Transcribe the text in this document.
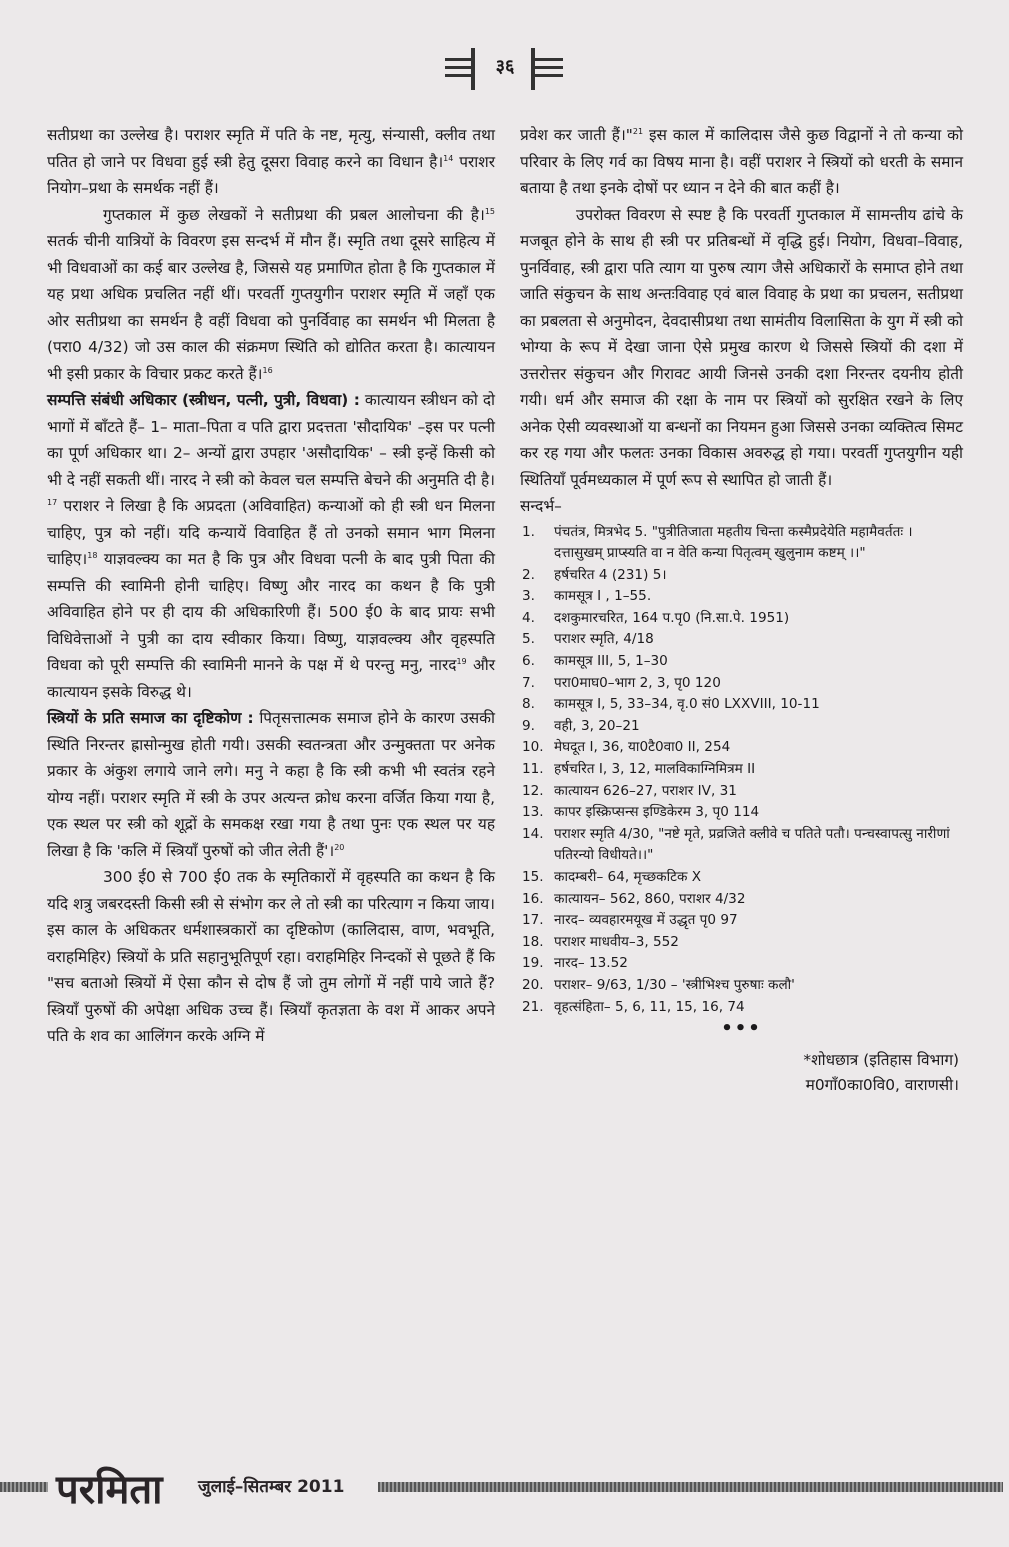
३६

सतीप्रथा का उल्लेख है। पराशर स्मृति में पति के नष्ट, मृत्यु, संन्यासी, क्लीव तथा पतित हो जाने पर विधवा हुई स्त्री हेतु दूसरा विवाह करने का विधान है।$^{14}$ पराशर नियोग–प्रथा के समर्थक नहीं हैं।

गुप्तकाल में कुछ लेखकों ने सतीप्रथा की प्रबल आलोचना की है।$^{15}$ सतर्क चीनी यात्रियों के विवरण इस सन्दर्भ में मौन हैं। स्मृति तथा दूसरे साहित्य में भी विधवाओं का कई बार उल्लेख है, जिससे यह प्रमाणित होता है कि गुप्तकाल में यह प्रथा अधिक प्रचलित नहीं थीं। परवर्ती गुप्तयुगीन पराशर स्मृति में जहाँ एक ओर सतीप्रथा का समर्थन है वहीं विधवा को पुनर्विवाह का समर्थन भी मिलता है (परा0 4/32) जो उस काल की संक्रमण स्थिति को द्योतित करता है। कात्यायन भी इसी प्रकार के विचार प्रकट करते हैं।$^{16}$

सम्पत्ति संबंधी अधिकार (स्त्रीधन, पत्नी, पुत्री, विधवा) : कात्यायन स्त्रीधन को दो भागों में बाँटते हैं– 1– माता–पिता व पति द्वारा प्रदत्तता 'सौदायिक' –इस पर पत्नी का पूर्ण अधिकार था। 2– अन्यों द्वारा उपहार 'असौदायिक' – स्त्री इन्हें किसी को भी दे नहीं सकती थीं। नारद ने स्त्री को केवल चल सम्पत्ति बेचने की अनुमति दी है।$^{17}$ पराशर ने लिखा है कि अप्रदता (अविवाहित) कन्याओं को ही स्त्री धन मिलना चाहिए, पुत्र को नहीं। यदि कन्यायें विवाहित हैं तो उनको समान भाग मिलना चाहिए।$^{18}$ याज्ञवल्क्य का मत है कि पुत्र और विधवा पत्नी के बाद पुत्री पिता की सम्पत्ति की स्वामिनी होनी चाहिए। विष्णु और नारद का कथन है कि पुत्री अविवाहित होने पर ही दाय की अधिकारिणी हैं। 500 ई0 के बाद प्रायः सभी विधिवेत्ताओं ने पुत्री का दाय स्वीकार किया। विष्णु, याज्ञवल्क्य और वृहस्पति विधवा को पूरी सम्पत्ति की स्वामिनी मानने के पक्ष में थे परन्तु मनु, नारद$^{19}$ और कात्यायन इसके विरुद्ध थे।

स्त्रियों के प्रति समाज का दृष्टिकोण : पितृसत्तात्मक समाज होने के कारण उसकी स्थिति निरन्तर ह्रासोन्मुख होती गयी। उसकी स्वतन्त्रता और उन्मुक्तता पर अनेक प्रकार के अंकुश लगाये जाने लगे। मनु ने कहा है कि स्त्री कभी भी स्वतंत्र रहने योग्य नहीं। पराशर स्मृति में स्त्री के उपर अत्यन्त क्रोध करना वर्जित किया गया है, एक स्थल पर स्त्री को शूद्रों के समकक्ष रखा गया है तथा पुनः एक स्थल पर यह लिखा है कि 'कलि में स्त्रियाँ पुरुषों को जीत लेती हैं'।$^{20}$

300 ई0 से 700 ई0 तक के स्मृतिकारों में वृहस्पति का कथन है कि यदि शत्रु जबरदस्ती किसी स्त्री से संभोग कर ले तो स्त्री का परित्याग न किया जाय। इस काल के अधिकतर धर्मशास्त्रकारों का दृष्टिकोण (कालिदास, वाण, भवभूति, वराहमिहिर) स्त्रियों के प्रति सहानुभूतिपूर्ण रहा। वराहमिहिर निन्दकों से पूछते हैं कि "सच बताओ स्त्रियों में ऐसा कौन से दोष हैं जो तुम लोगों में नहीं पाये जाते हैं? स्त्रियाँ पुरुषों की अपेक्षा अधिक उच्च हैं। स्त्रियाँ कृतज्ञता के वश में आकर अपने पति के शव का आलिंगन करके अग्नि में

प्रवेश कर जाती हैं।"$^{21}$ इस काल में कालिदास जैसे कुछ विद्वानों ने तो कन्या को परिवार के लिए गर्व का विषय माना है। वहीं पराशर ने स्त्रियों को धरती के समान बताया है तथा इनके दोषों पर ध्यान न देने की बात कहीं है।

उपरोक्त विवरण से स्पष्ट है कि परवर्ती गुप्तकाल में सामन्तीय ढांचे के मजबूत होने के साथ ही स्त्री पर प्रतिबन्धों में वृद्धि हुई। नियोग, विधवा–विवाह, पुनर्विवाह, स्त्री द्वारा पति त्याग या पुरुष त्याग जैसे अधिकारों के समाप्त होने तथा जाति संकुचन के साथ अन्तःविवाह एवं बाल विवाह के प्रथा का प्रचलन, सतीप्रथा का प्रबलता से अनुमोदन, देवदासीप्रथा तथा सामंतीय विलासिता के युग में स्त्री को भोग्या के रूप में देखा जाना ऐसे प्रमुख कारण थे जिससे स्त्रियों की दशा में उत्तरोत्तर संकुचन और गिरावट आयी जिनसे उनकी दशा निरन्तर दयनीय होती गयी। धर्म और समाज की रक्षा के नाम पर स्त्रियों को सुरक्षित रखने के लिए अनेक ऐसी व्यवस्थाओं या बन्धनों का नियमन हुआ जिससे उनका व्यक्तित्व सिमट कर रह गया और फलतः उनका विकास अवरुद्ध हो गया। परवर्ती गुप्तयुगीन यही स्थितियाँ पूर्वमध्यकाल में पूर्ण रूप से स्थापित हो जाती हैं।

सन्दर्भ–

1.	पंचतंत्र, मित्रभेद 5. "पुत्रीतिजाता महतीय चिन्ता कस्मैप्रदेयेति महामैवर्ततः । दत्तासुखम् प्राप्स्यति वा न वेति कन्या पितृत्वम् खुलुनाम कष्टम् ।।"
2.	हर्षचरित 4 (231) 5।
3.	कामसूत्र I , 1–55.
4.	दशकुमारचरित, 164 प.पृ0 (नि.सा.पे. 1951)
5.	पराशर स्मृति, 4/18
6.	कामसूत्र III, 5, 1–30
7.	परा0माघ0–भाग 2, 3, पृ0 120
8.	कामसूत्र I, 5, 33–34, वृ.0 सं0 LXXVIII, 10-11
9.	वही, 3, 20–21
10. मेघदूत I, 36, या0टै0वा0 II, 254
11. हर्षचरित I, 3, 12, मालविकाग्निमित्रम II
12. कात्यायन 626–27, पराशर IV, 31
13. कापर इस्क्रिप्सन्स इण्डिकेरम 3, पृ0 114
14. पराशर स्मृति 4/30, "नष्टे मृते, प्रव्रजिते क्लीवे च पतिते पतौ। पन्चस्वापत्सु नारीणां पतिरन्यो विधीयते।।"
15. कादम्बरी– 64, मृच्छकटिक X
16. कात्यायन– 562, 860, पराशर 4/32
17. नारद– व्यवहारमयूख में उद्धृत पृ0 97
18. पराशर माधवीय–3, 552
19. नारद– 13.52
20. पराशर– 9/63, 1/30 – 'स्त्रीभिश्च पुरुषाः कलौ'
21. वृहत्संहिता– 5, 6, 11, 15, 16, 74

•••

*शोधछात्र (इतिहास विभाग)
म0गाँ0का0वि0, वाराणसी।
परमिता जुलाई–सितम्बर 2011
